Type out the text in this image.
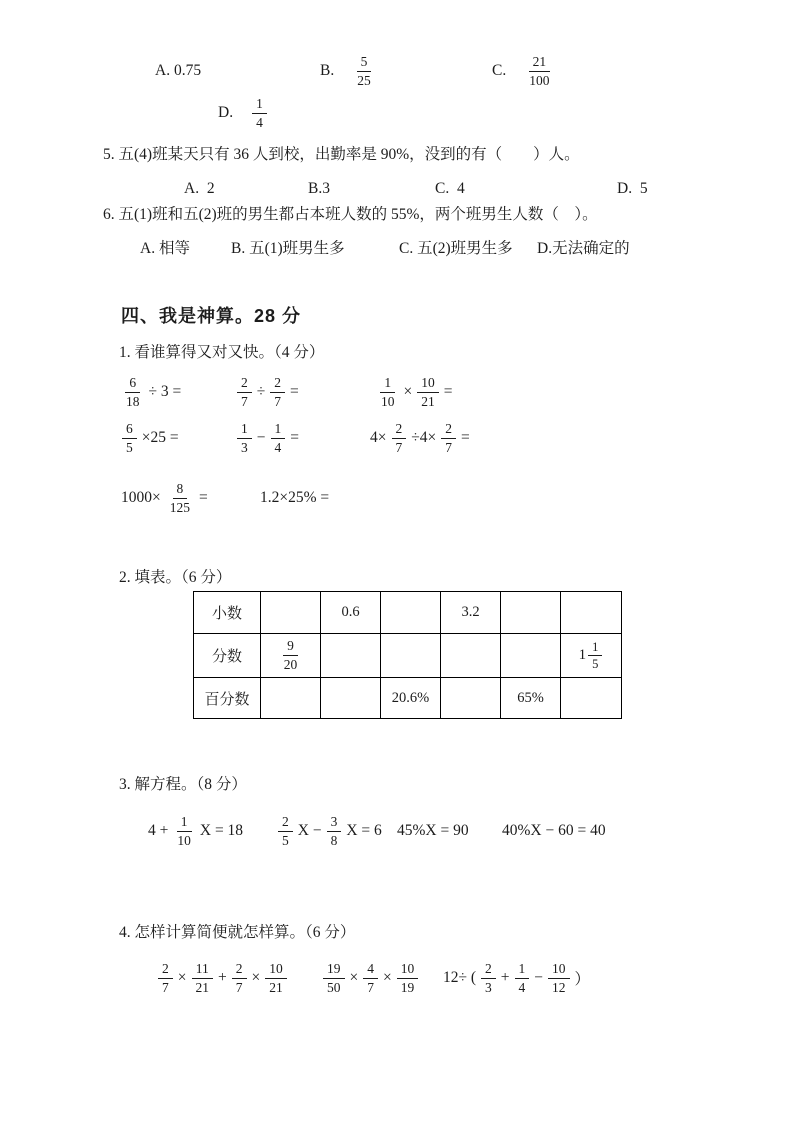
A. 0.75	B. $\frac{5}{25}$	C. $\frac{21}{100}$
D. $\frac{1}{4}$
5. 五(4)班某天只有 36 人到校，出勤率是 90%，没到的有（        ）人。
A.  2	B.3	C.  4	D.  5
6. 五(1)班和五(2)班的男生都占本班人数的 55%，两个班男生人数（    ）。
A. 相等	B. 五(1)班男生多	C. 五(2)班男生多 D.无法确定的
四、我是神算。28 分
1. 看谁算得又对又快。（4 分）
$\frac{6}{18} \div 3$ =	$\frac{2}{7} \div \frac{2}{7}$ =	$\frac{1}{10} \times \frac{10}{21}$ =
$\frac{6}{5} \times 25$ =	$\frac{1}{3} - \frac{1}{4}$ =	$4\times \frac{2}{7} \div 4\times \frac{2}{7}$ =
$1000\times \frac{8}{125}$ =	1.2×25% =
2. 填表。（6 分）
小数		0.6		3.2		

分数	$\frac{9}{20}$					$1 \frac{1}{5}$

百分数			20.6%		65%	

3. 解方程。（8 分）
$4 + \frac{1}{10}$ X = 18	$\frac{2}{5}$ $X - \frac{3}{8}$ X = 6 45%X = 90 40%X − 60 = 40
4. 怎样计算简便就怎样算。（6 分）
$\frac{2}{7} \times \frac{11}{21} + \frac{2}{7} \times \frac{10}{21}$	$\frac{19}{50} \times \frac{4}{7} \times \frac{10}{19} 12\div$ ( $\frac{2}{3} + \frac{1}{4} - \frac{10}{12}$ ）
